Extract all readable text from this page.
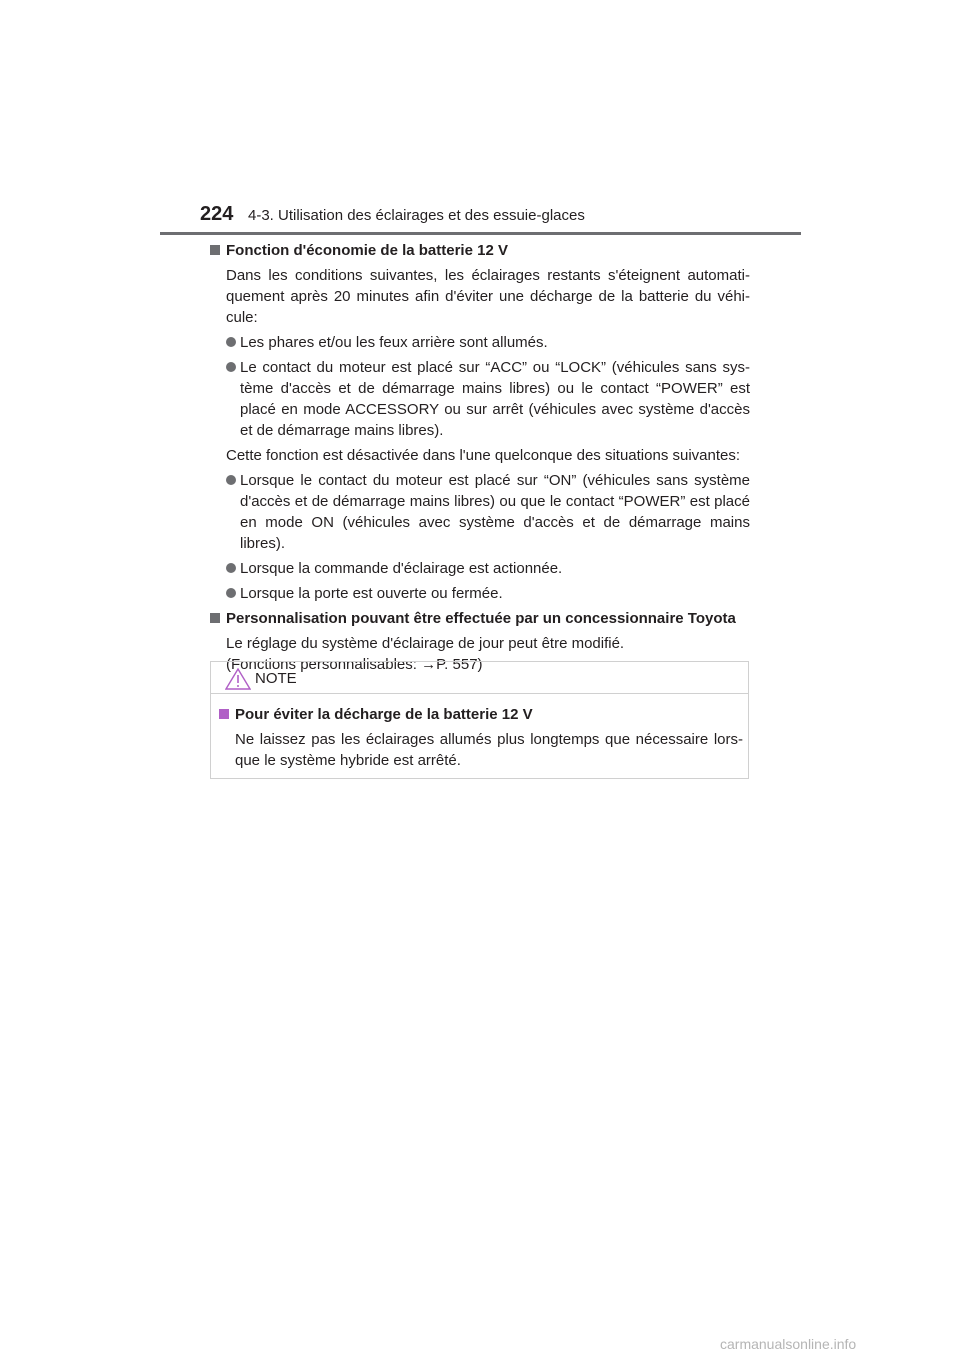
224 4-3. Utilisation des éclairages et des essuie-glaces
Fonction d'économie de la batterie 12 V
Dans les conditions suivantes, les éclairages restants s'éteignent automati-quement après 20 minutes afin d'éviter une décharge de la batterie du véhi-cule:
Les phares et/ou les feux arrière sont allumés.
Le contact du moteur est placé sur “ACC” ou “LOCK” (véhicules sans sys-tème d'accès et de démarrage mains libres) ou le contact “POWER” est placé en mode ACCESSORY ou sur arrêt (véhicules avec système d'accès et de démarrage mains libres).
Cette fonction est désactivée dans l'une quelconque des situations suivantes:
Lorsque le contact du moteur est placé sur “ON” (véhicules sans système d'accès et de démarrage mains libres) ou que le contact “POWER” est placé en mode ON (véhicules avec système d'accès et de démarrage mains libres).
Lorsque la commande d'éclairage est actionnée.
Lorsque la porte est ouverte ou fermée.
Personnalisation pouvant être effectuée par un concessionnaire Toyota
Le réglage du système d'éclairage de jour peut être modifié.
(Fonctions personnalisables: →P. 557)
NOTE
Pour éviter la décharge de la batterie 12 V
Ne laissez pas les éclairages allumés plus longtemps que nécessaire lors-que le système hybride est arrêté.
carmanualsonline.info
